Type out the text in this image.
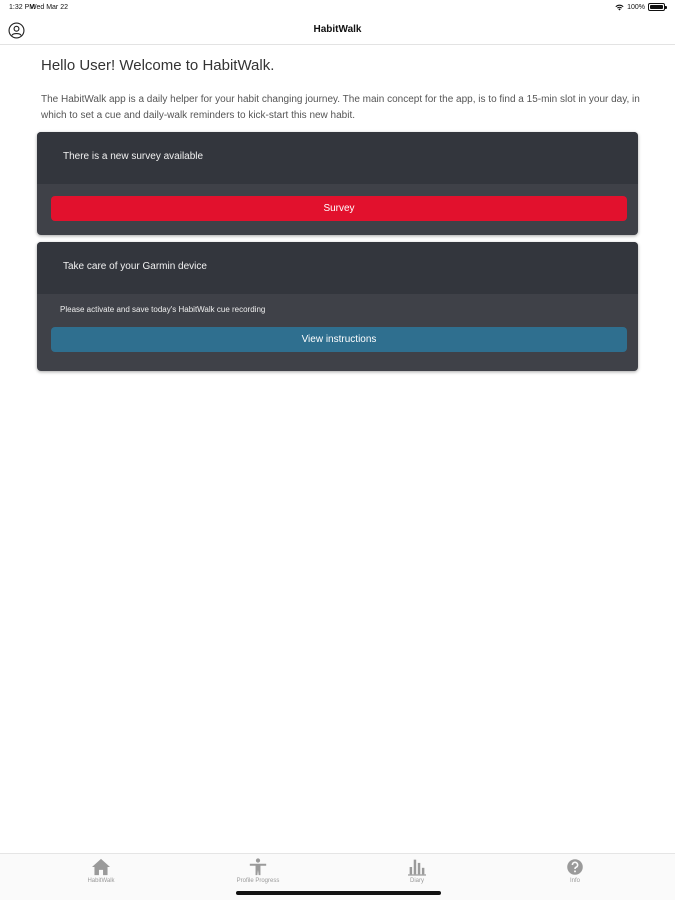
1:32 PM
Wed Mar 22	100%
HabitWalk
Hello User! Welcome to HabitWalk.
The HabitWalk app is a daily helper for your habit changing journey. The main concept for the app, is to find a 15-min slot in your day, in which to set a cue and daily-walk reminders to kick-start this new habit.
There is a new survey available
Survey
Take care of your Garmin device
Please activate and save today's HabitWalk cue recording
View instructions
HabitWalk	Profile Progress	Diary	Info
